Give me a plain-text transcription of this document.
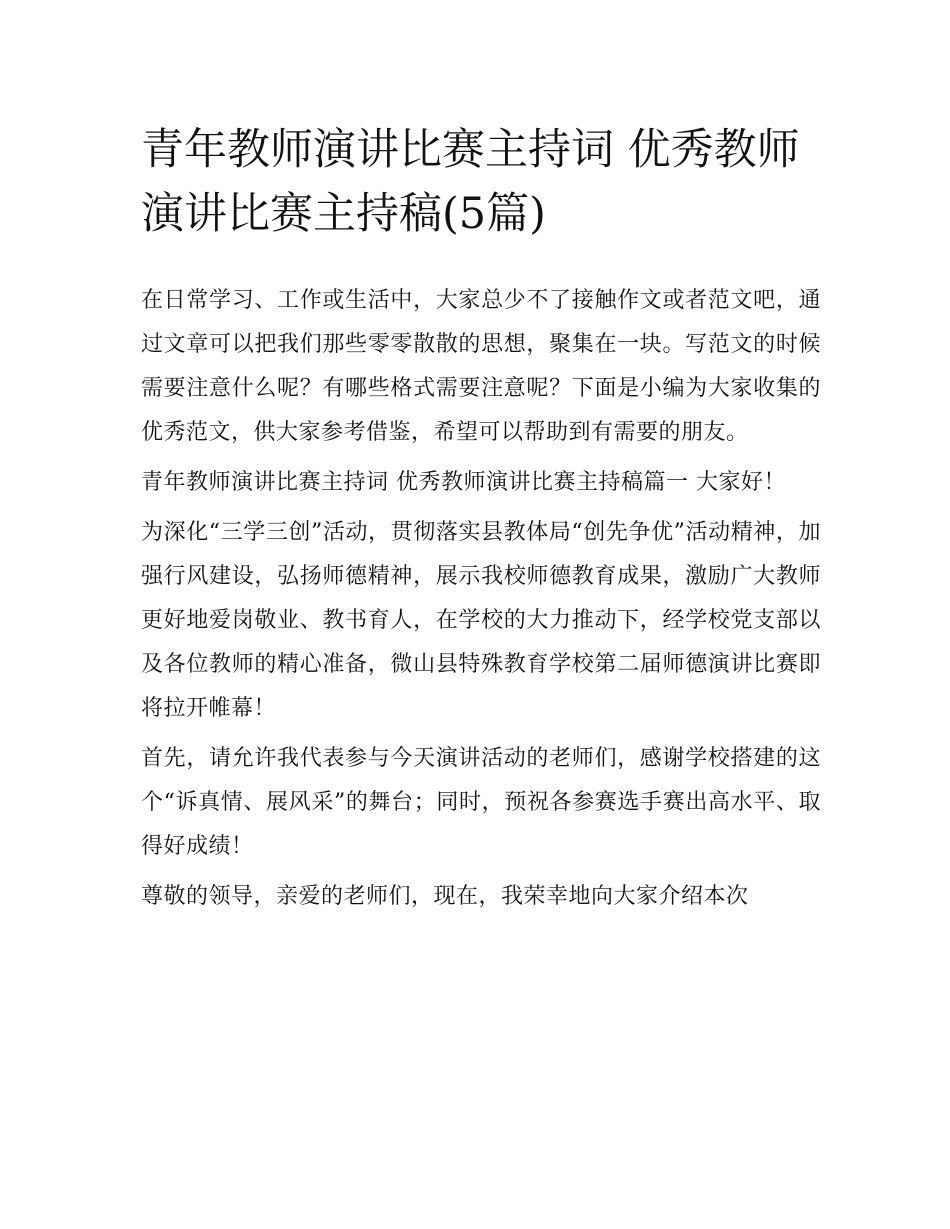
青年教师演讲比赛主持词 优秀教师演讲比赛主持稿(5篇)

在日常学习、工作或生活中，大家总少不了接触作文或者范文吧，通过文章可以把我们那些零零散散的思想，聚集在一块。写范文的时候需要注意什么呢？有哪些格式需要注意呢？下面是小编为大家收集的优秀范文，供大家参考借鉴，希望可以帮助到有需要的朋友。

青年教师演讲比赛主持词 优秀教师演讲比赛主持稿篇一 大家好！

为深化“三学三创”活动，贯彻落实县教体局“创先争优”活动精神，加强行风建设，弘扬师德精神，展示我校师德教育成果，激励广大教师更好地爱岗敬业、教书育人，在学校的大力推动下，经学校党支部以及各位教师的精心准备，微山县特殊教育学校第二届师德演讲比赛即将拉开帷幕！

首先，请允许我代表参与今天演讲活动的老师们，感谢学校搭建的这个“诉真情、展风采”的舞台；同时，预祝各参赛选手赛出高水平、取得好成绩！

尊敬的领导，亲爱的老师们，现在，我荣幸地向大家介绍本次
